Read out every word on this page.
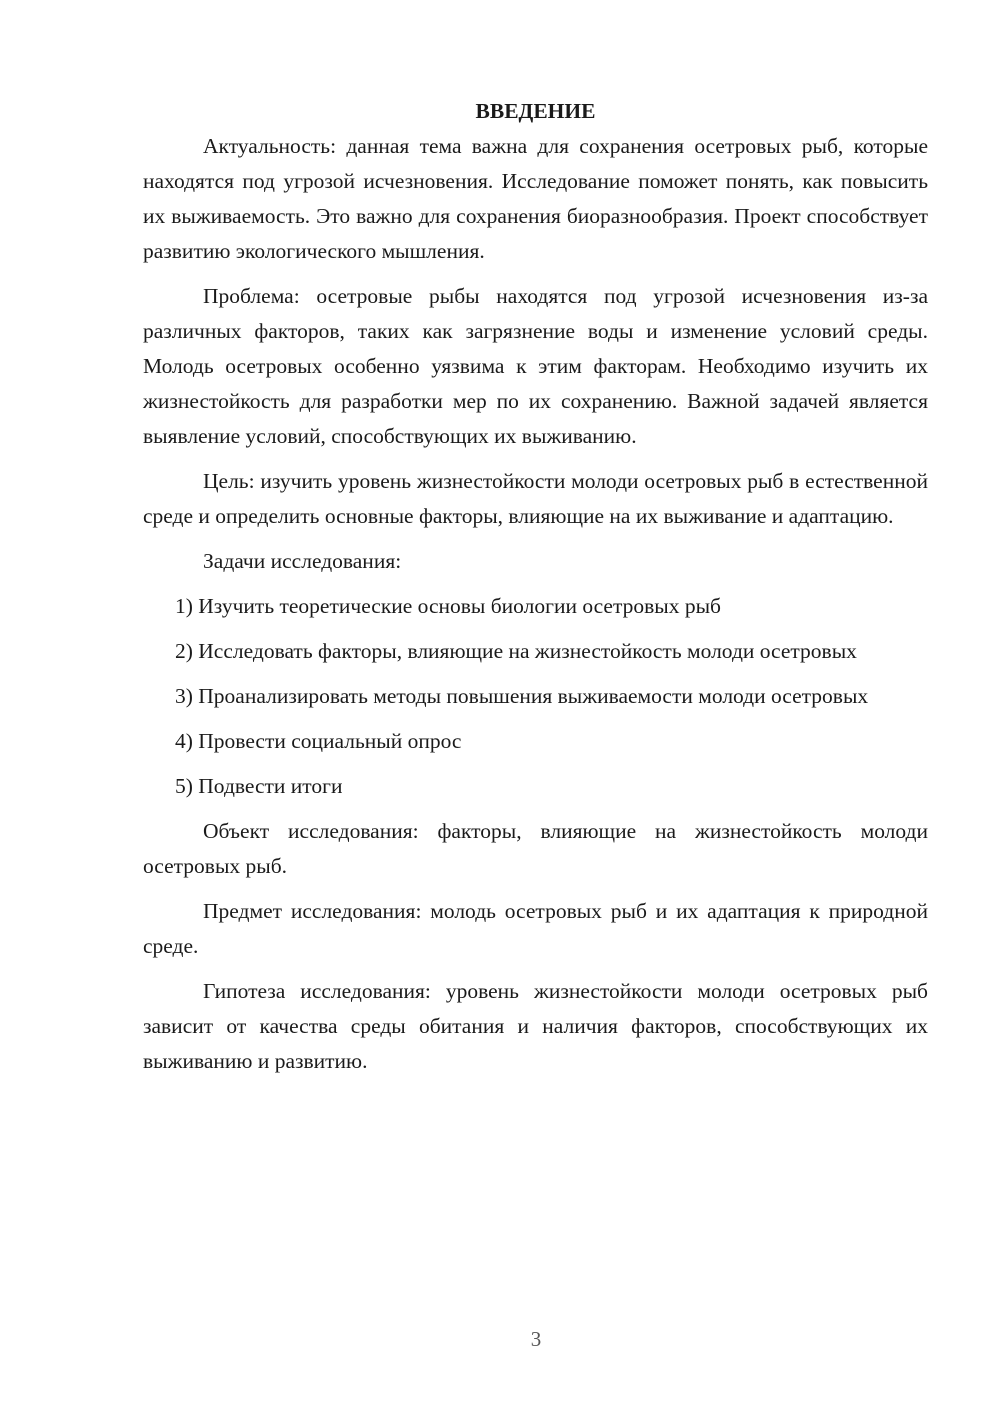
ВВЕДЕНИЕ

Актуальность: данная тема важна для сохранения осетровых рыб, которые находятся под угрозой исчезновения. Исследование поможет понять, как повысить их выживаемость. Это важно для сохранения биоразнообразия. Проект способствует развитию экологического мышления.

Проблема: осетровые рыбы находятся под угрозой исчезновения из-за различных факторов, таких как загрязнение воды и изменение условий среды. Молодь осетровых особенно уязвима к этим факторам. Необходимо изучить их жизнестойкость для разработки мер по их сохранению. Важной задачей является выявление условий, способствующих их выживанию.

Цель: изучить уровень жизнестойкости молоди осетровых рыб в естественной среде и определить основные факторы, влияющие на их выживание и адаптацию.

Задачи исследования:

1) Изучить теоретические основы биологии осетровых рыб

2) Исследовать факторы, влияющие на жизнестойкость молоди осетровых

3) Проанализировать методы повышения выживаемости молоди осетровых

4) Провести социальный опрос

5) Подвести итоги

Объект исследования: факторы, влияющие на жизнестойкость молоди осетровых рыб.

Предмет исследования: молодь осетровых рыб и их адаптация к природной среде.

Гипотеза исследования: уровень жизнестойкости молоди осетровых рыб зависит от качества среды обитания и наличия факторов, способствующих их выживанию и развитию.

3
